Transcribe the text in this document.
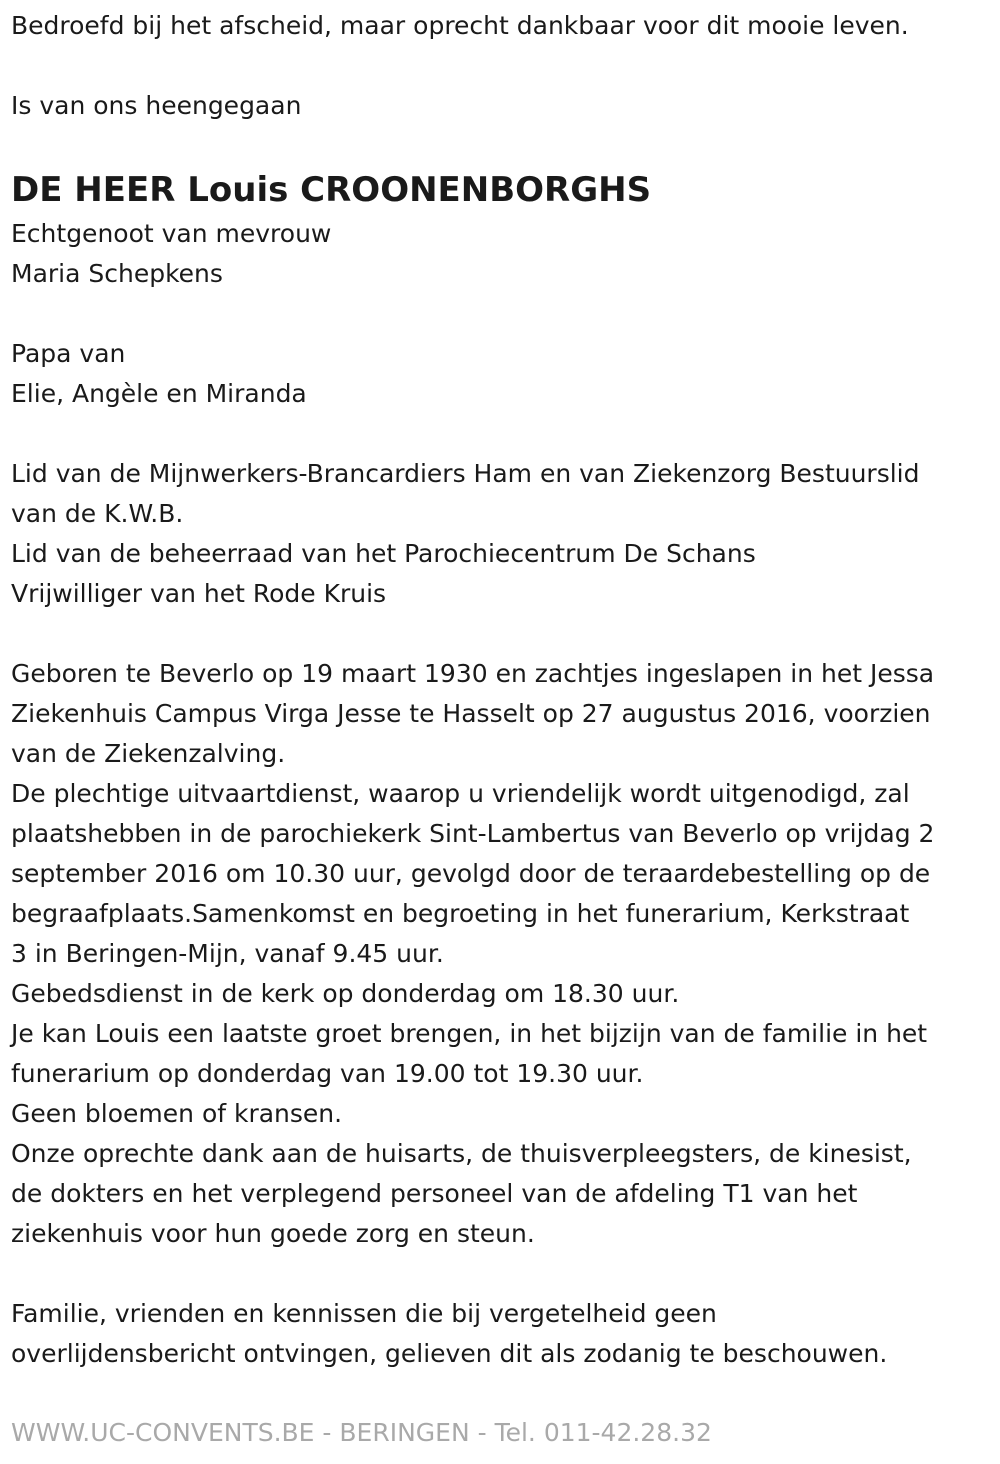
Bedroefd bij het afscheid, maar oprecht dankbaar voor dit mooie leven.
Is van ons heengegaan
DE HEER Louis CROONENBORGHS
Echtgenoot van mevrouw
Maria Schepkens
Papa van
Elie, Angèle en Miranda
Lid van de Mijnwerkers-Brancardiers Ham en van Ziekenzorg Bestuurslid
van de K.W.B.
Lid van de beheerraad van het Parochiecentrum De Schans
Vrijwilliger van het Rode Kruis
Geboren te Beverlo op 19 maart 1930 en zachtjes ingeslapen in het Jessa
Ziekenhuis Campus Virga Jesse te Hasselt op 27 augustus 2016, voorzien
van de Ziekenzalving.
De plechtige uitvaartdienst, waarop u vriendelijk wordt uitgenodigd, zal
plaatshebben in de parochiekerk Sint-Lambertus van Beverlo op vrijdag 2
september 2016 om 10.30 uur, gevolgd door de teraardebestelling op de
begraafplaats.Samenkomst en begroeting in het funerarium, Kerkstraat
3 in Beringen-Mijn, vanaf 9.45 uur.
Gebedsdienst in de kerk op donderdag om 18.30 uur.
Je kan Louis een laatste groet brengen, in het bijzijn van de familie in het
funerarium op donderdag van 19.00 tot 19.30 uur.
Geen bloemen of kransen.
Onze oprechte dank aan de huisarts, de thuisverpleegsters, de kinesist,
de dokters en het verplegend personeel van de afdeling T1 van het
ziekenhuis voor hun goede zorg en steun.
Familie, vrienden en kennissen die bij vergetelheid geen
overlijdensbericht ontvingen, gelieven dit als zodanig te beschouwen.
WWW.UC-CONVENTS.BE - BERINGEN - Tel. 011-42.28.32
